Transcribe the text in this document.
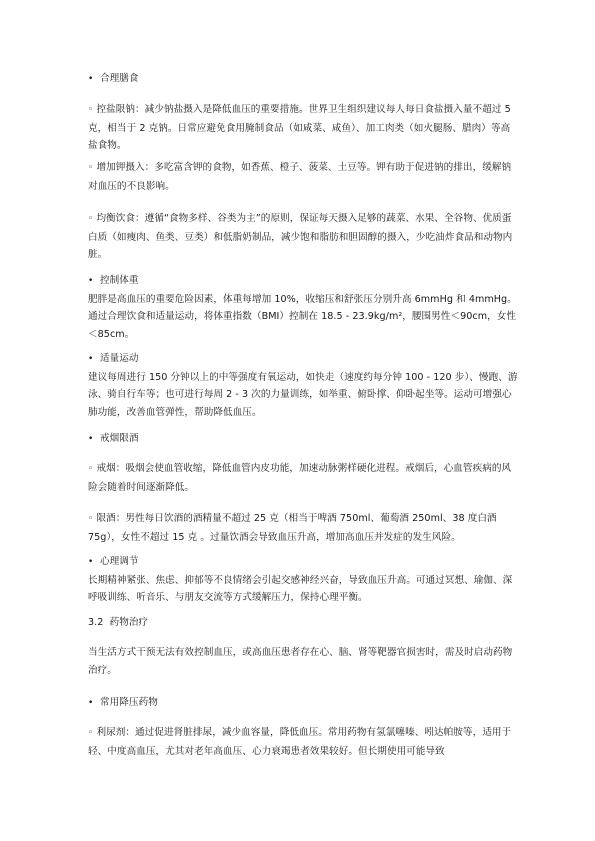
• 合理膳食
◦ 控盐限钠：减少钠盐摄入是降低血压的重要措施。世界卫生组织建议每人每日食盐摄入量不超过 5 克，相当于 2 克钠。日常应避免食用腌制食品（如咸菜、咸鱼）、加工肉类（如火腿肠、腊肉）等高盐食物。
◦ 增加钾摄入：多吃富含钾的食物，如香蕉、橙子、菠菜、土豆等。钾有助于促进钠的排出，缓解钠对血压的不良影响。
◦ 均衡饮食：遵循“食物多样、谷类为主”的原则，保证每天摄入足够的蔬菜、水果、全谷物、优质蛋白质（如瘦肉、鱼类、豆类）和低脂奶制品，减少饱和脂肪和胆固醇的摄入，少吃油炸食品和动物内脏。
• 控制体重
肥胖是高血压的重要危险因素，体重每增加 10%，收缩压和舒张压分别升高 6mmHg 和 4mmHg。通过合理饮食和适量运动，将体重指数（BMI）控制在 18.5 - 23.9kg/m²，腰围男性＜90cm，女性＜85cm。
• 适量运动
建议每周进行 150 分钟以上的中等强度有氧运动，如快走（速度约每分钟 100 - 120 步）、慢跑、游泳、骑自行车等；也可进行每周 2 - 3 次的力量训练，如举重、俯卧撑、仰卧起坐等。运动可增强心肺功能，改善血管弹性，帮助降低血压。
• 戒烟限酒
◦ 戒烟：吸烟会使血管收缩，降低血管内皮功能，加速动脉粥样硬化进程。戒烟后，心血管疾病的风险会随着时间逐渐降低。
◦ 限酒：男性每日饮酒的酒精量不超过 25 克（相当于啤酒 750ml、葡萄酒 250ml、38 度白酒 75g），女性不超过 15 克 。过量饮酒会导致血压升高，增加高血压并发症的发生风险。
• 心理调节
长期精神紧张、焦虑、抑郁等不良情绪会引起交感神经兴奋，导致血压升高。可通过冥想、瑜伽、深呼吸训练、听音乐、与朋友交流等方式缓解压力，保持心理平衡。
3.2 药物治疗
当生活方式干预无法有效控制血压，或高血压患者存在心、脑、肾等靶器官损害时，需及时启动药物治疗。
• 常用降压药物
◦ 利尿剂：通过促进肾脏排尿，减少血容量，降低血压。常用药物有氢氯噻嗪、吲达帕胺等，适用于轻、中度高血压，尤其对老年高血压、心力衰竭患者效果较好。但长期使用可能导致
